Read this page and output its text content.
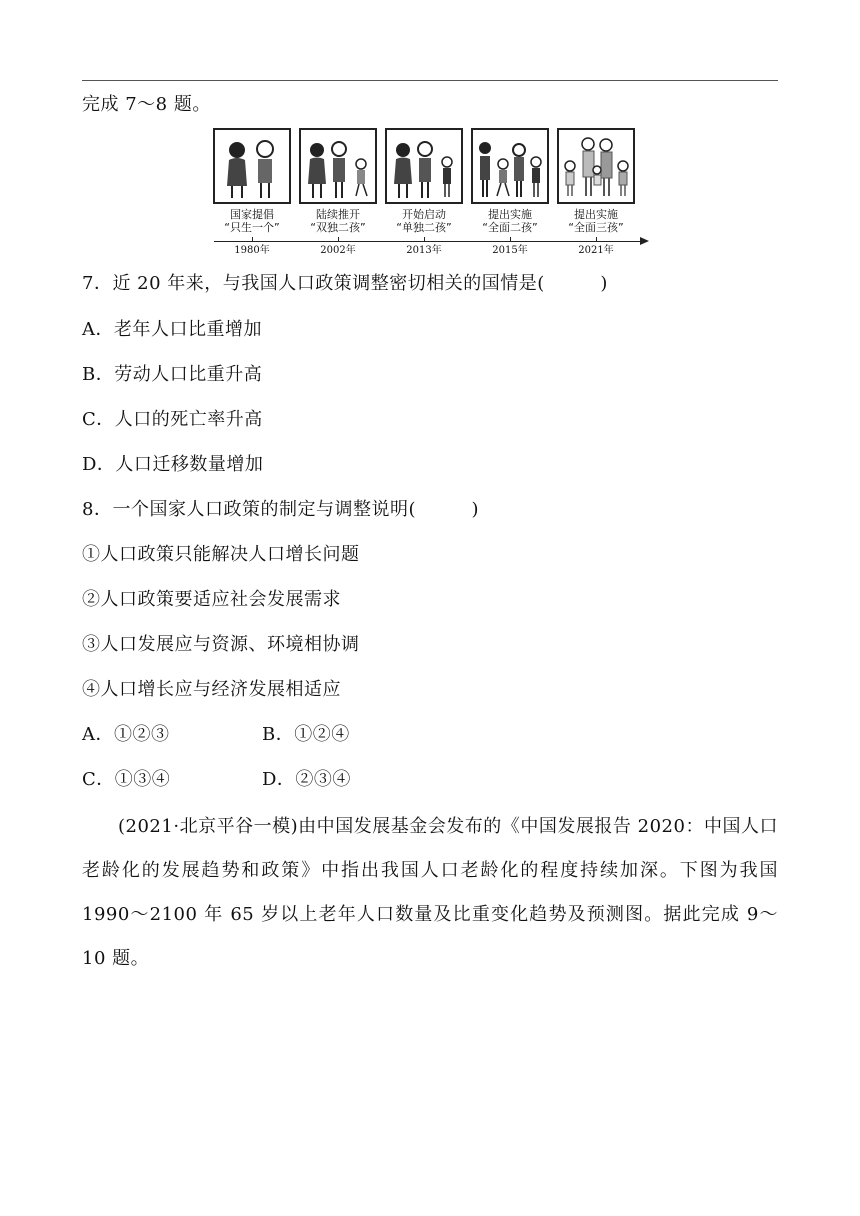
完成 7～8 题。
国家提倡
“只生一个”
陆续推开
“双独二孩”
开始启动
“单独二孩”
提出实施
“全面二孩”
提出实施
“全面三孩”
1980年	2002年	2013年	2015年	2021年
7．近 20 年来，与我国人口政策调整密切相关的国情是(　　　)
A．老年人口比重增加
B．劳动人口比重升高
C．人口的死亡率升高
D．人口迁移数量增加
8．一个国家人口政策的制定与调整说明(　　　)
①人口政策只能解决人口增长问题
②人口政策要适应社会发展需求
③人口发展应与资源、环境相协调
④人口增长应与经济发展相适应
A．①②③	B．①②④
C．①③④	D．②③④
(2021·北京平谷一模)由中国发展基金会发布的《中国发展报告 2020：中国人口老龄化的发展趋势和政策》中指出我国人口老龄化的程度持续加深。下图为我国 1990～2100 年 65 岁以上老年人口数量及比重变化趋势及预测图。据此完成 9～10 题。
